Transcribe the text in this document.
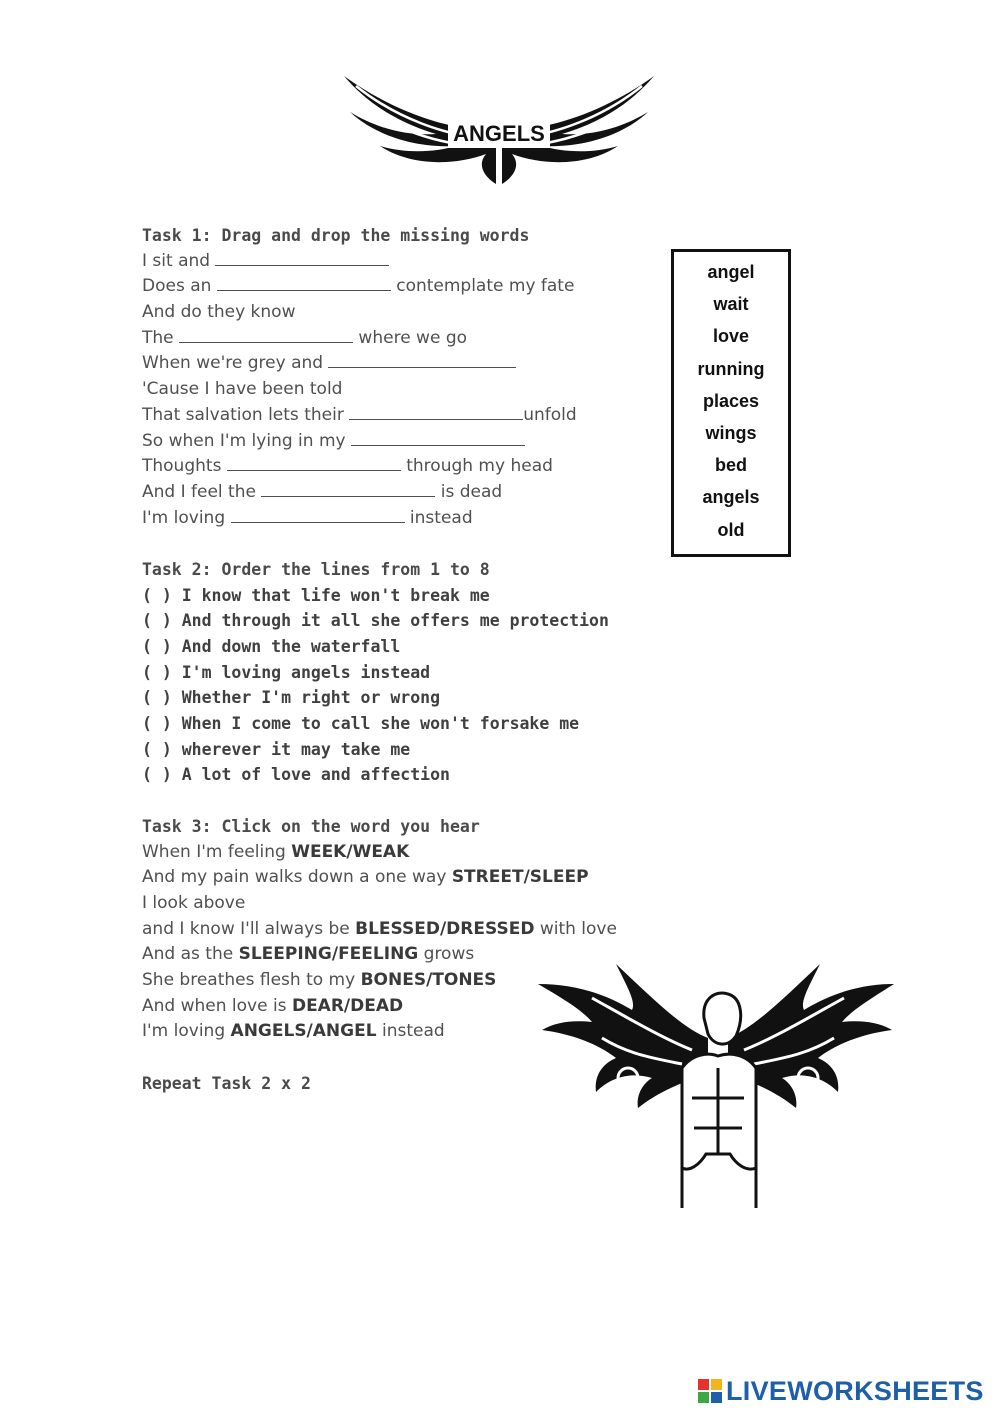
ANGELS
Task 1: Drag and drop the missing words
I sit and
Does an	contemplate my fate
And do they know
The	where we go
When we're grey and
'Cause I have been told
That salvation lets their	unfold
So when I'm lying in my
Thoughts	through my head
And I feel the	is dead
I'm loving	instead
Task 2: Order the lines from 1 to 8
( ) I know that life won't break me
( ) And through it all she offers me protection
( ) And down the waterfall
( ) I'm loving angels instead
( ) Whether I'm right or wrong
( ) When I come to call she won't forsake me
( ) wherever it may take me
( ) A lot of love and affection
Task 3: Click on the word you hear
When I'm feeling WEEK/WEAK
And my pain walks down a one way STREET/SLEEP
I look above
and I know I'll always be BLESSED/DRESSED with love
And as the SLEEPING/FEELING grows
She breathes flesh to my BONES/TONES
And when love is DEAR/DEAD
I'm loving ANGELS/ANGEL instead
Repeat Task 2 x 2
angel
wait
love
running
places
wings
bed
angels
old
LIVEWORKSHEETS
